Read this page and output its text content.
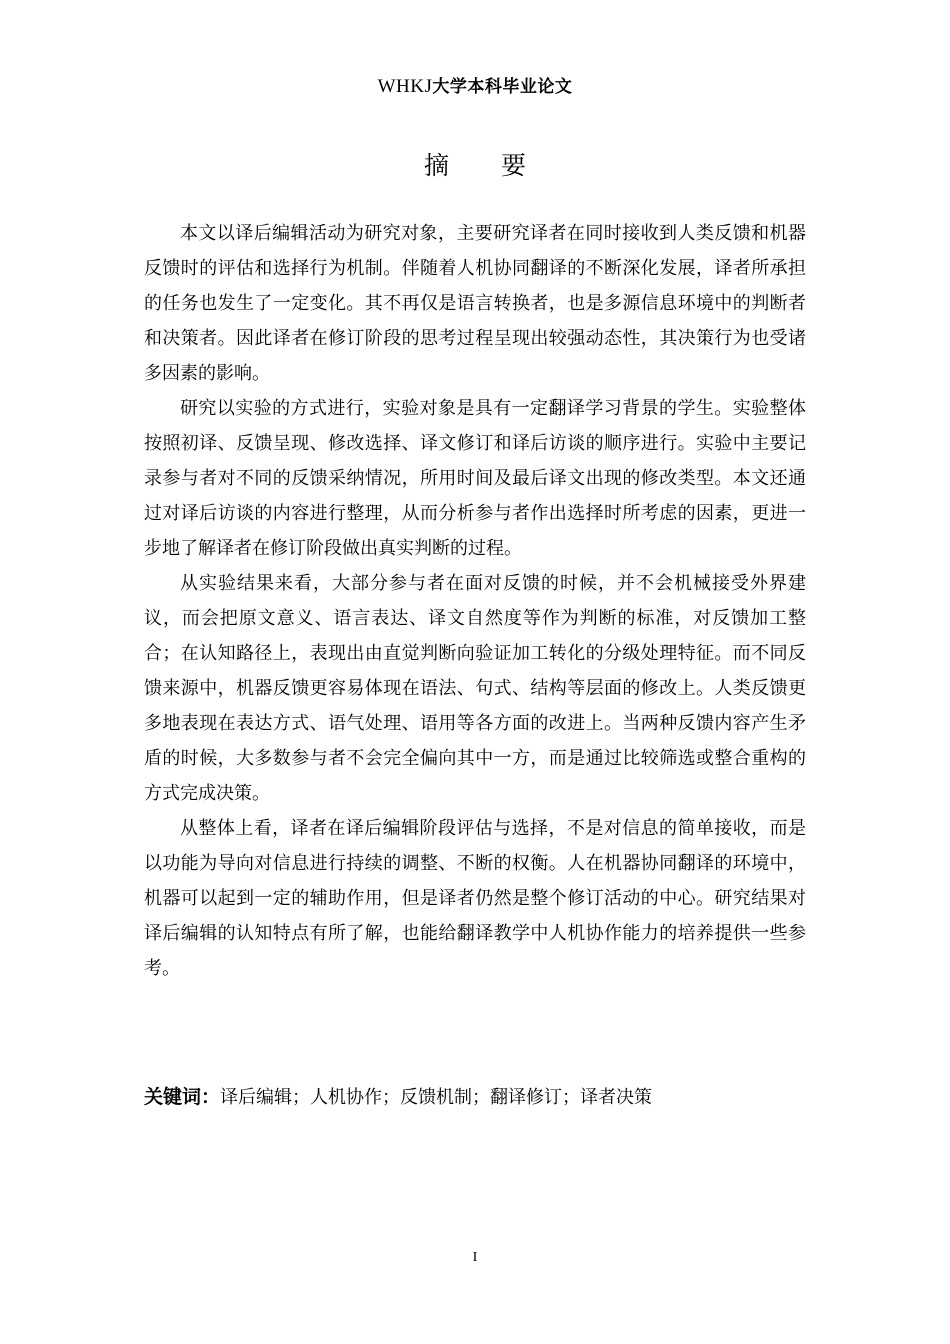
WHKJ大学本科毕业论文
摘 要

本文以译后编辑活动为研究对象，主要研究译者在同时接收到人类反馈和机器反馈时的评估和选择行为机制。伴随着人机协同翻译的不断深化发展，译者所承担的任务也发生了一定变化。其不再仅是语言转换者，也是多源信息环境中的判断者和决策者。因此译者在修订阶段的思考过程呈现出较强动态性，其决策行为也受诸多因素的影响。

研究以实验的方式进行，实验对象是具有一定翻译学习背景的学生。实验整体按照初译、反馈呈现、修改选择、译文修订和译后访谈的顺序进行。实验中主要记录参与者对不同的反馈采纳情况，所用时间及最后译文出现的修改类型。本文还通过对译后访谈的内容进行整理，从而分析参与者作出选择时所考虑的因素，更进一步地了解译者在修订阶段做出真实判断的过程。

从实验结果来看，大部分参与者在面对反馈的时候，并不会机械接受外界建议，而会把原文意义、语言表达、译文自然度等作为判断的标准，对反馈加工整合；在认知路径上，表现出由直觉判断向验证加工转化的分级处理特征。而不同反馈来源中，机器反馈更容易体现在语法、句式、结构等层面的修改上。人类反馈更多地表现在表达方式、语气处理、语用等各方面的改进上。当两种反馈内容产生矛盾的时候，大多数参与者不会完全偏向其中一方，而是通过比较筛选或整合重构的方式完成决策。

从整体上看，译者在译后编辑阶段评估与选择，不是对信息的简单接收，而是以功能为导向对信息进行持续的调整、不断的权衡。人在机器协同翻译的环境中，机器可以起到一定的辅助作用，但是译者仍然是整个修订活动的中心。研究结果对译后编辑的认知特点有所了解，也能给翻译教学中人机协作能力的培养提供一些参考。

关键词：译后编辑；人机协作；反馈机制；翻译修订；译者决策
I
